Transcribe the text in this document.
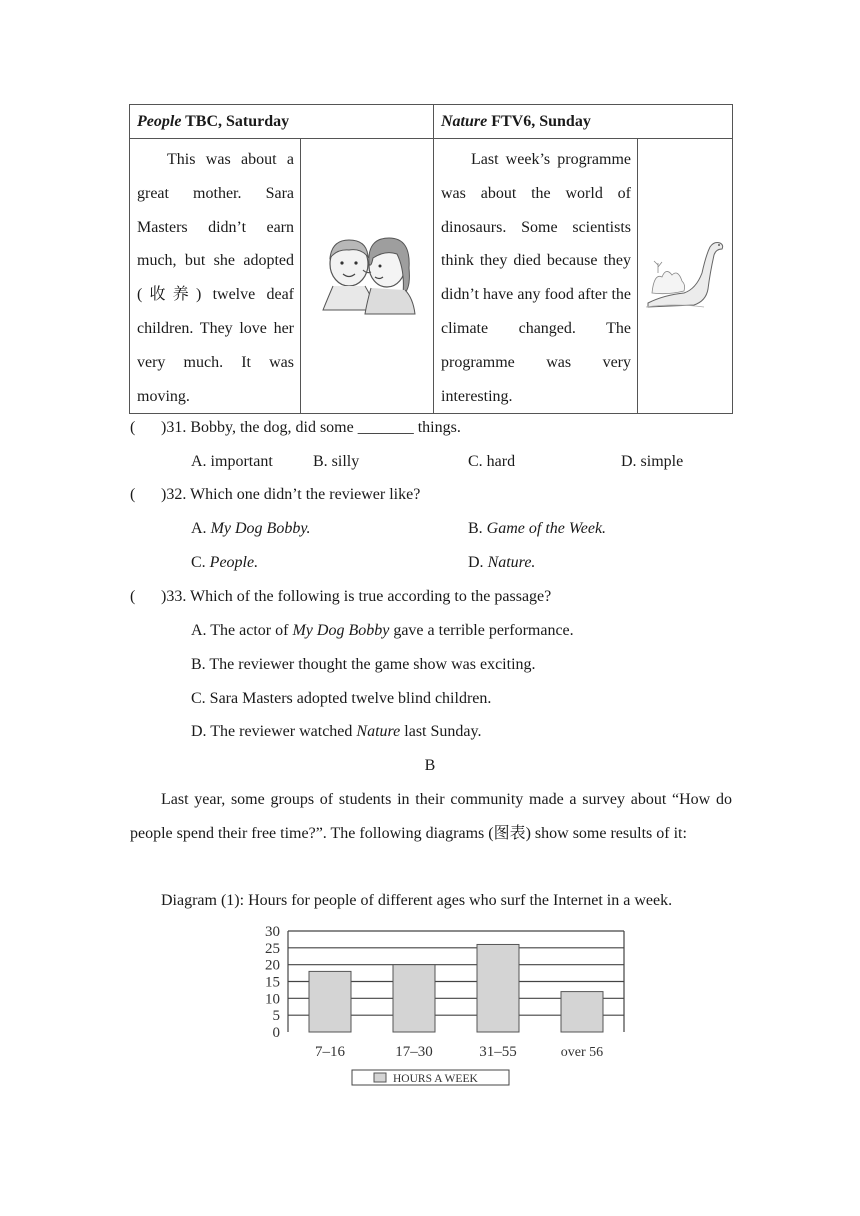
People TBC, Saturday		Nature FTV6, Sunday	

This was about a great mother. Sara Masters didn’t earn much, but she adopted (收养) twelve deaf children. They love her very much. It was moving.		Last week’s programme was about the world of dinosaurs. Some scientists think they died because they didn’t have any food after the climate changed. The programme was very interesting.

( )31. Bobby, the dog, did some _______ things.
A. important	B. silly	C. hard	D. simple
( )32. Which one didn’t the reviewer like?
A. My Dog Bobby.	B. Game of the Week.
C. People.	D. Nature.
( )33. Which of the following is true according to the passage?
A. The actor of My Dog Bobby gave a terrible performance.
B. The reviewer thought the game show was exciting.
C. Sara Masters adopted twelve blind children.
D. The reviewer watched Nature last Sunday.
B
Last year, some groups of students in their community made a survey about “How do people spend their free time?”. The following diagrams (图表) show some results of it:
Diagram (1): Hours for people of different ages who surf the Internet in a week.
30
25
20
15
10
5
0
7–16	17–30	31–55	over 56
HOURS A WEEK
